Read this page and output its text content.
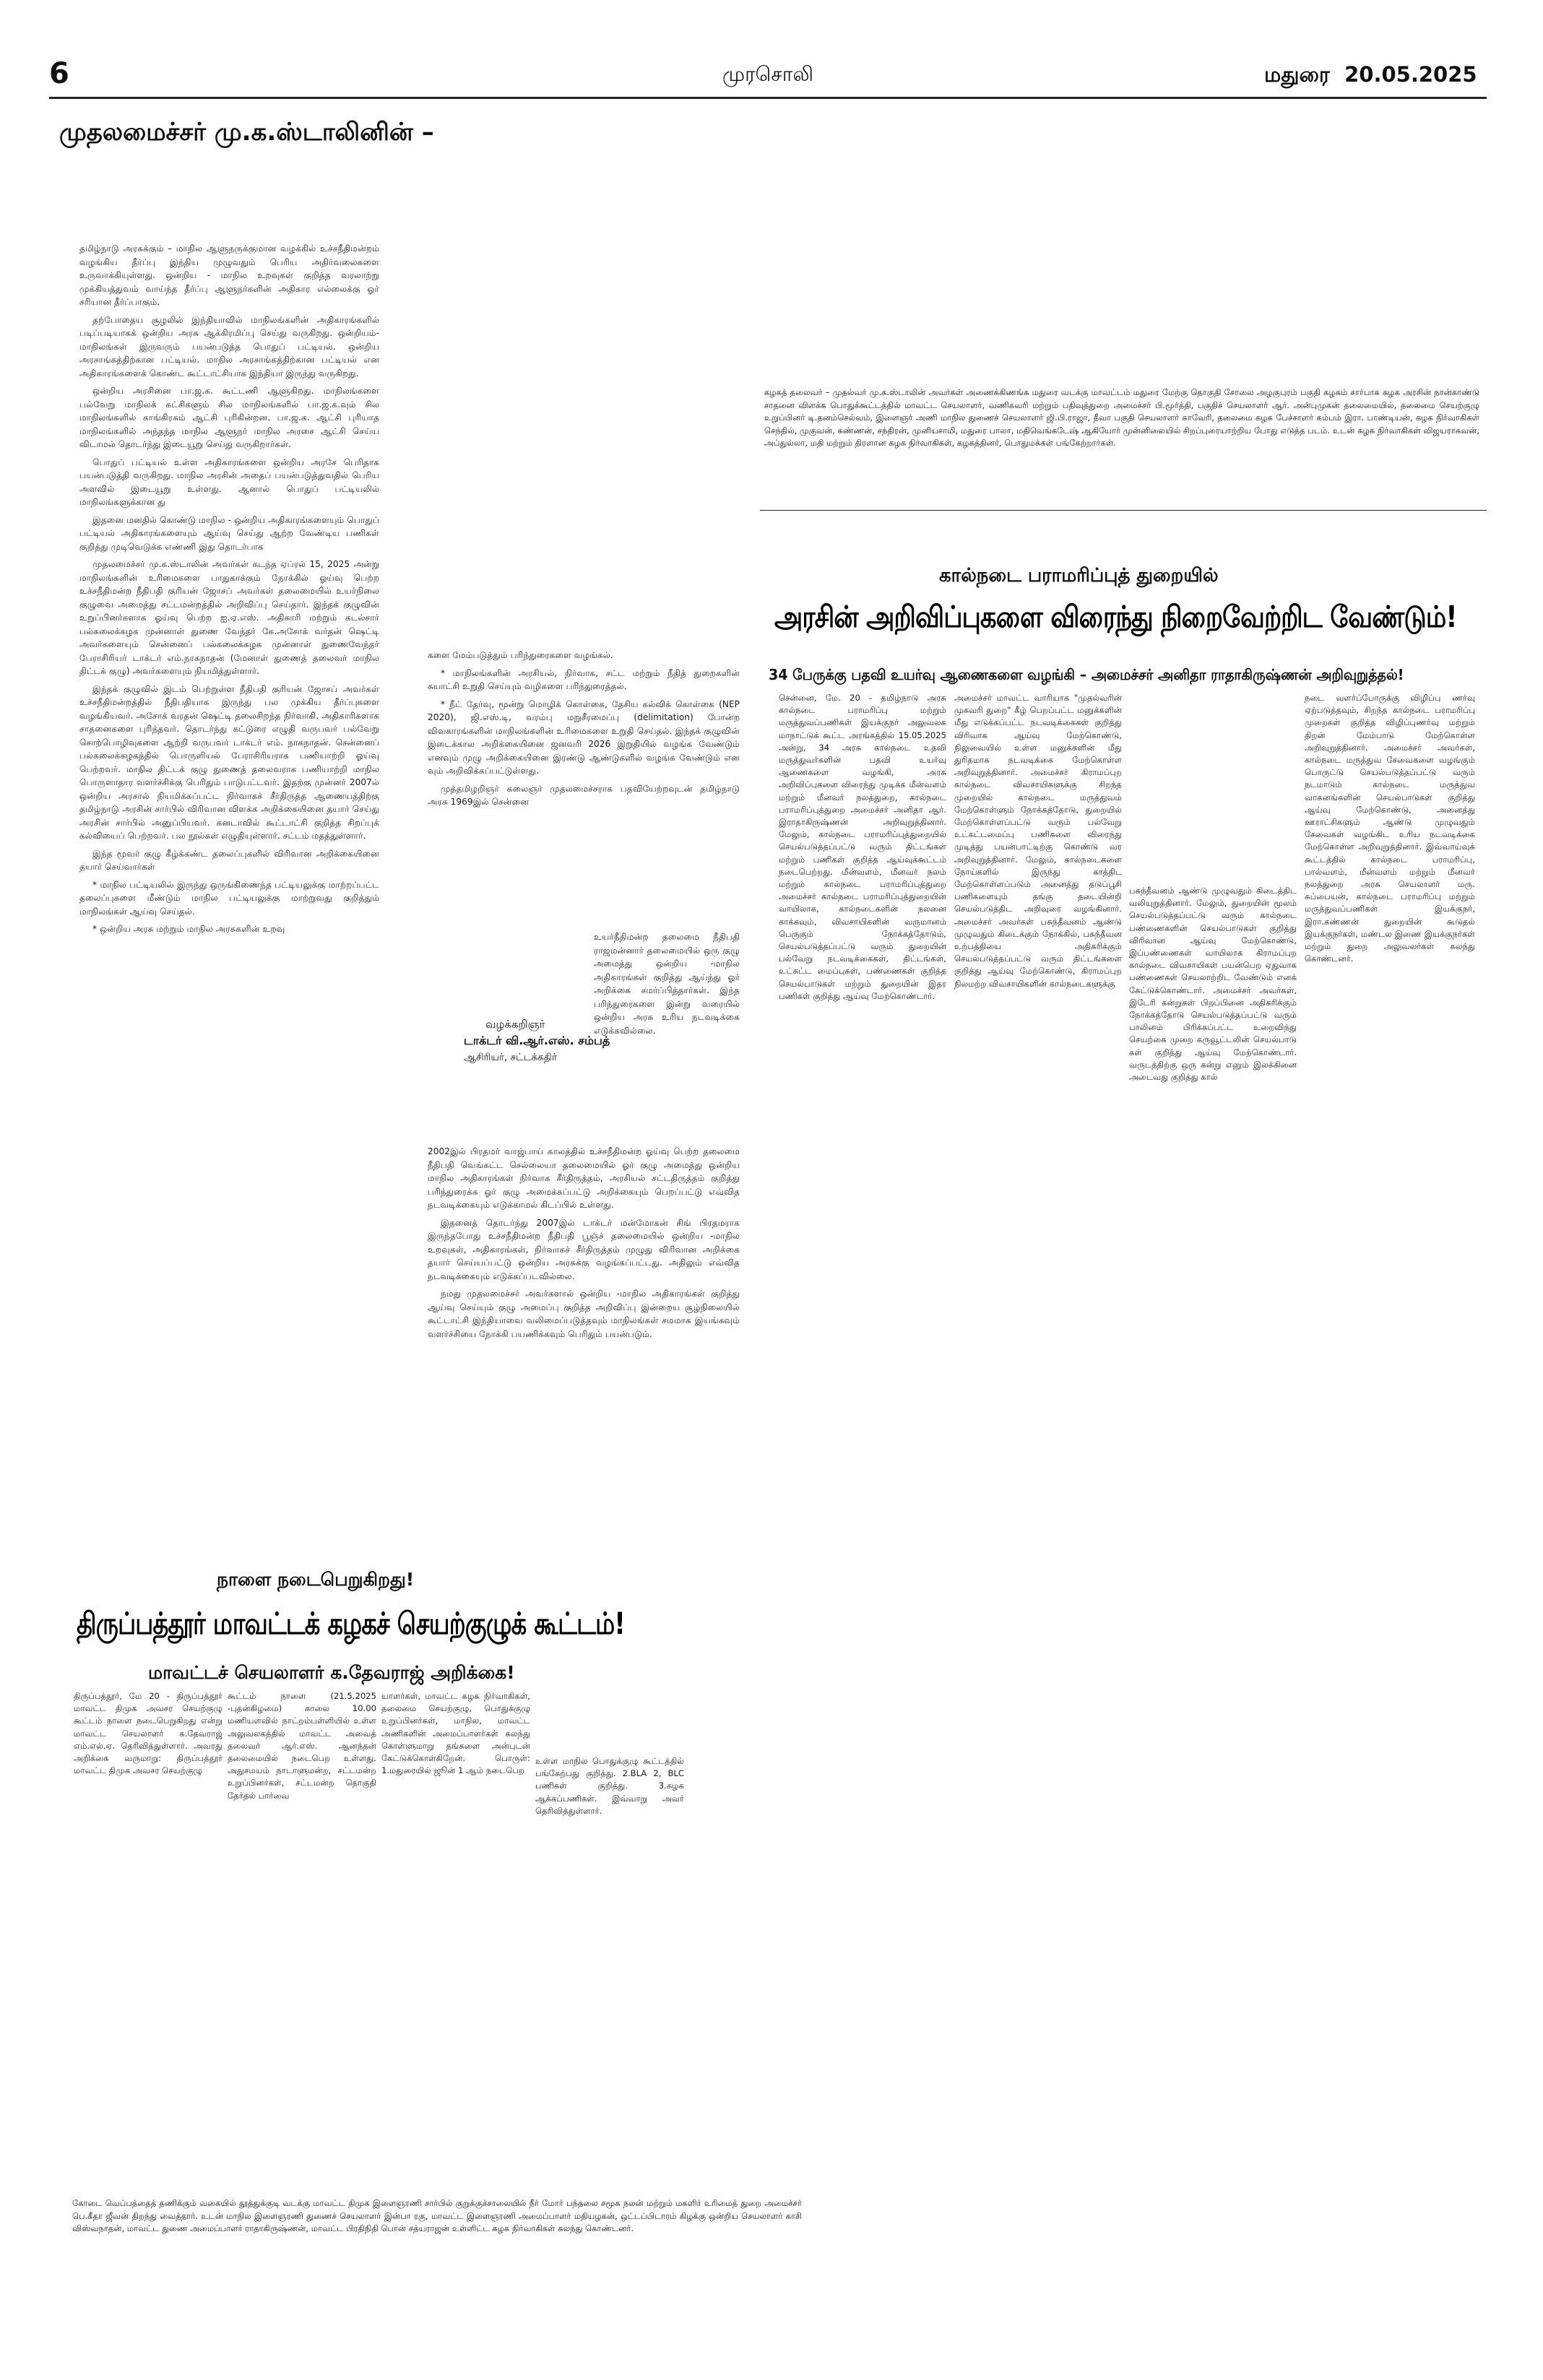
6	முரசொலி	மதுரை  20.05.2025
முதலமைச்சர் மு.க.ஸ்டாலினின் –

தமிழ்நாடு அரசுக்கும் – மாநில ஆளுநருக்குமான வழக்கில் உச்சநீதிமன்றம் வழங்கிய தீர்ப்பு இந்திய முழுவதும் பெரிய அதிர்வலைகளை உருவாக்கியுள்ளது. ஒன்றிய - மாநில உறவுகள் குறித்த வரலாற்று முக்கியத்துவம் வாய்ந்த தீர்ப்பு ஆளுநர்களின் அதிகார எல்லைக்கு ஓர் சரியான தீர்ப்பாகும்.

தற்போதைய சூழலில் இந்தியாவில் மாநிலங்களின் அதிகாரங்களில் படிப்படியாகக் ஒன்றிய அரசு ஆக்கிரமிப்பு செய்து வருகிறது. ஒன்றியம்-மாநிலங்கள் இருவரும் பயன்படுத்த பொதுப் பட்டியல். ஒன்றிய அரசாங்கத்திற்கான பட்டியல். மாநில அரசாங்கத்திற்கான பட்டியல் என அதிகாரங்களைக் கொண்ட கூட்டாட்சியாக இந்தியா இருந்து வருகிறது.

ஒன்றிய அரசினை பா.ஜ.க. கூட்டணி ஆளுகிறது. மாநிலங்களை பல்வேறு மாநிலக் கட்சிகளும் சில மாநிலங்களில் பா.ஜ.க.வும் சில மாநிலங்களில் காங்கிரசும் ஆட்சி புரிகின்றன. பா.ஜ.க. ஆட்சி புரியாத மாநிலங்களில் அந்தந்த மாநில ஆளுநர் மாநில அரசை ஆட்சி செய்ய விடாமல் தொடர்ந்து இடையூறு செய்து வருகிறார்கள்.

பொதுப் பட்டியல் உள்ள அதிகாரங்களை ஒன்றிய அரசே பெரிதாக பயன்படுத்தி வருகிறது. மாநில அரசின் அதைப் பயன்படுத்துவதில் பெரிய அளவில் இடையூறு உள்ளது. ஆனால் பொதுப் பட்டியலில் மாநிலங்களுக்கான து

இதனை மனதில் கொண்டு மாநில - ஒன்றிய அதிகாரங்களையும் பொதுப் பட்டியல் அதிகாரங்களையும் ஆய்வு செய்து ஆற்ற வேண்டிய பணிகள் குறித்து முடிவெடுக்க எண்ணி இது தொடர்பாக

முதலமைச்சர் மு.க.ஸ்டாலின் அவர்கள் கடந்த ஏப்ரல் 15, 2025 அன்று மாநிலங்களின் உரிமைகளை பாதுகாக்கும் நோக்கில் ஓய்வு பெற்ற உச்சநீதிமன்ற நீதிபதி குரியன் ஜோசப் அவர்கள் தலைமையில் உயர்நிலை குழுவை அமைத்து சட்டமன்றத்தில் அறிவிப்பு செய்தார். இந்தக் குழுவின் உறுப்பினர்களாக ஓய்வு பெற்ற ஐ.ஏ.எஸ். அதிகாரி மற்றும் கடல்சார் பல்கலைக்கழக முன்னாள் துணை வேந்தர் கே.அசோக் வர்தன் ஷெட்டி அவர்களையும் சென்னைப் பல்கலைக்கழக முன்னாள் துணைவேந்தர் பேராசிரியர் டாக்டர் எம்.நாகநாதன் (மேனாள் துணைத் தலைவர் மாநில திட்டக் குழு) அவர்களையும் நியமித்துள்ளார்.

இந்தக் குழுவில் இடம் பெற்றுள்ள நீதிபதி குரியன் ஜோசப் அவர்கள் உச்சநீதிமன்றத்தில் நீதிபதியாக இருந்து பல முக்கிய தீர்ப்புகளை வழங்கியவர். அசோக் வரதன் ஷெட்டி தலைசிறந்த நிர்வாகி. அதிகாரிகளாக சாதனைகளை புரிந்தவர். தொடர்ந்து கட்டுரை எழுதி வருபவர் பல்வேறு சொற்பொழிவுகளை ஆற்றி வருபவர் டாக்டர் எம். நாகநாதன். சென்னைப் பல்கலைக்கழகத்தில் பொருளியல் பேராசிரியராக பணியாற்றி ஓய்வு பெற்றவர். மாநில திட்டக் குழு துணைத் தலைவராக பணியாற்றி மாநில பொருளாதார வளர்ச்சிக்கு பெரிதும் பாடுபட்டவர். இதற்கு முன்னர் 2007ல் ஒன்றிய அரசால் நியமிக்கப்பட்ட நிர்வாகச் சீர்திருத்த ஆணையத்திற்கு தமிழ்நாடு அரசின் சார்பில் விரிவான விளக்க அறிக்கையினை தயார் செய்து அரசின் சார்பில் அனுப்பியவர். கனடாவில் கூட்டாட்சி குறித்த சிறப்புக் கல்வியைப் பெற்றவர். பல நூல்கள் எழுதியுள்ளார். சட்டம் மதத்துள்ளார்.

இந்த மூவர் குழு கீழ்க்கண்ட தலைப்புகளில் விரிவான அறிக்கையினை தயார் செய்வார்கள்

* மாநில பட்டியலில் இருந்து ஒருங்கிணைந்த பட்டியலுக்கு மாற்றப்பட்ட தலைப்புகளை மீண்டும் மாநில பட்டியலுக்கு மாற்றுவது குறித்தும் மாநிலங்கள் ஆய்வு செய்தல்.

* ஒன்றிய அரசு மற்றும் மாநில அரசுகளின் உறவு

களை மேம்படுத்தும் பரிந்துரைகளை வழங்கல்.

* மாநிலங்களின் அரசியல், நிர்வாக, சட்ட மற்றும் நீதித் துறைகளின் சுயாட்சி உறுதி செய்யும் வழிகளை பரிந்துரைத்தல்.

* நீட் தேர்வு, மூன்று மொழிக் கொள்கை, தேசிய கல்விக் கொள்கை (NEP 2020), ஜி.எஸ்.டி, வரம்பு மறுசீரமைப்பு (delimitation) போன்ற விவகாரங்களின் மாநிலங்களின் உரிமைகளை உறுதி செய்தல். இந்தக் குழுவின் இடைக்கால அறிக்கையினை ஜனவரி 2026 இறுதியில் வழங்க வேண்டும் எனவும் முழு அறிக்கையினை இரண்டு ஆண்டுகளில் வழங்க வேண்டும் என வும் அறிவிக்கப்பட்டுள்ளது.

முத்தமிழறிஞர் கலைஞர் முதலமைச்சராக பதவியேற்றவுடன் தமிழ்நாடு அரசு 1969இல் சென்னை

வழக்கறிஞர்
டாக்டர் வி.ஆர்.எஸ். சம்பத்
ஆசிரியர், சட்டக்கதிர்

உயர்நீதிமன்ற தலைமை நீதிபதி ராஜமன்னார் தலைமையில் ஒரு குழு அமைத்து ஒன்றிய -மாநில அதிகாரங்கள் குறித்து ஆய்ந்து ஓர் அறிக்கை சமர்ப்பித்தார்கள். இந்த பரிந்துரைகளை இன்று வரையில் ஒன்றிய அரசு உரிய நடவடிக்கை எடுக்கவில்லை.

2002இல் பிரதமர் வாஜ்பாய் காலத்தில் உச்சநீதிமன்ற ஓய்வு பெற்ற தலைமை நீதிபதி வெங்கட்ட செல்லையா தலைமையில் ஓர் குழு அமைத்து ஒன்றிய மாநில அதிகாரங்கள் நிர்வாக சீர்திருத்தம், அரசியல் சட்டதிருத்தம் குறித்து பரிந்துரைக்க ஓர் குழு அமைக்கப்பட்டு அறிக்கையும் பெறப்பட்டு எவ்வித நடவடிக்கையும் எடுக்காமல் கிடப்பில் உள்ளது.

இதனைத் தொடர்ந்து 2007இல் டாக்டர் மன்மோகன் சிங் பிரதமராக இருந்தபோது உச்சநீதிமன்ற நீதிபதி பூஞ்ச் தலைமையில் ஒன்றிய -மாநில உறவுகள், அதிகாரங்கள், நிர்வாகச் சீர்திருத்தம் முழுது விரிவான அறிக்கை தயார் செய்யப்பட்டு ஒன்றிய அரசுக்கு வழங்கப்பட்டது. அதிலும் எவ்வித நடவடிக்கையும் எடுக்கப்படவில்லை.

நமது முதலமைச்சர் அவர்களால் ஒன்றிய -மாநில அதிகாரங்கள் குறித்து ஆய்வு செய்யும் குழு அமைப்பு குறித்த அறிவிப்பு இன்றைய சூழ்நிலையில் கூட்டாட்சி இந்தியாவை வலிமைப்படுத்தவும் மாநிலங்கள் சமமாக இயங்கவும் வளர்ச்சியை நோக்கி பயணிக்கவும் பெரிதும் பயன்படும்.

கழகத் தலைவர் – முதல்வர் மு.க.ஸ்டாலின் அவர்கள் அணைக்கிணங்க மதுரை வடக்கு மாவட்டம் மதுரை மேற்கு தொகுதி சோலை அழகுபுரம் பகுதி கழகம் சார்பாக கழக அரசின் நான்காண்டு சாதனை விளக்க பொதுக்கூட்டத்தில் மாவட்ட செயலாளர், வணிகவரி மற்றும் பதிவுத்துறை அமைச்சர் பி.மூர்த்தி, பகுதிச் செயலாளர் ஆர். அன்புமுகன் தலைமையில், தலைமை செயற்குழு உறுப்பினர் டி.தனம்செல்வம், இளைஞர் அணி மாநில துணைச் செயலாளர் ஜி.பி.ராஜா, தீவா பகுதி செயலாளர் காவேரி, தலைமை கழக பேச்சாளர் கம்பம் இரா. பாண்டியன், கழக நிர்வாகிகள் செந்தில், முகுவன், கண்ணன், சந்திரன், முனியசாமி, மதுரை பாலா, மதிவெங்கடேஷ் ஆகியோர் முன்னிலையில் சிறப்புரையாற்றிய போது எடுத்த படம். உடன் கழக நிர்வாகிகள் விஜயராகவன், அப்துல்லா, மதி மற்றும் திரளான கழக நிர்வாகிகள், கழகத்தினர், பொதுமக்கள் பங்கேற்றார்கள்.
கால்நடை பராமரிப்புத் துறையில்
அரசின் அறிவிப்புகளை விரைந்து நிறைவேற்றிட வேண்டும்!
34 பேருக்கு பதவி உயர்வு ஆணைகளை வழங்கி – அமைச்சர் அனிதா ராதாகிருஷ்ணன் அறிவுறுத்தல்!
சென்னை, மே. 20 - தமிழ்நாடு அரசு கால்நடை பராமரிப்பு மற்றும் மருத்துவப்பணிகள் இயக்குநர் அலுவலக மாநாட்டுக் கூட்ட அரங்கத்தில் 15.05.2025 அன்று, 34 அரசு கால்நடை உதவி மருத்துவர்களின் பதவி உயர்வு ஆணைகளை வழங்கி, அரசு அறிவிப்புகளை விரைந்து முடிக்க மீன்வளம் மற்றும் மீனவர் நலத்துறை, கால்நடை பராமரிப்புத்துறை அமைச்சர் அனிதா ஆர். இராதாகிருஷ்ணன் அறிவுறுத்தினார். மேலும், கால்நடை பராமரிப்புத்துறையில் செயல்படுத்தப்பட்டு வரும் திட்டங்கள் மற்றும் பணிகள் குறித்த ஆய்வுக்கூட்டம் நடைபெற்றது. மீன்வளம், மீனவர் நலம் மற்றும் கால்நடை பராமரிப்புத்துறை அமைச்சர் கால்நடை பராமரிப்புத்துறையின் வாயிலாக, கால்நடைகளின் நலனை காக்கவும், விவசாயிகளின் வருமானம் பெருகும் நோக்கத்தோடும், செயல்படுத்தப்பட்டு வரும் துறையின் பல்வேறு நடவடிக்கைகள், திட்டங்கள், உட்கட்ட மைப்புகள், பண்ணைகள் குறித்த செயல்பாடுகள் மற்றும் துறையின் இதர பணிகள் குறித்து ஆய்வு மேற்கொண்டார்.
அமைச்சர் மாவட்ட வாரியாக "முதல்வரின் முகவரி துறை" கீழ் பெறப்பட்ட மனுக்களின் மீது எடுக்கப்பட்ட நடவடிக்கைகள் குறித்து விரிவாக ஆய்வு மேற்கொண்டு, நிலுவையில் உள்ள மனுக்களின் மீது துரிதமாக நடவடிக்கை மேற்கொள்ள அறிவுறுத்தினார். அமைச்சர் கிராமப்புற கால்நடை விவசாயிகளுக்கு சிறந்த முறையில் கால்நடை மருத்துவம் மேற்கொள்ளும் நோக்கத்தோடு, துறையில் மேற்கொள்ளப்பட்டு வரும் பல்வேறு உட்கட்டமைப்பு பணிகளை விரைந்து முடித்து பயன்பாட்டிற்கு கொண்டு வர அறிவுறுத்தினார். மேலும், கால்நடைகளை நோய்களில் இருந்து காத்திட மேற்கொள்ளப்படும் அனைத்து தடுப்பூசி பணிகளையும் தங்கு தடையின்றி செயல்படுத்திட அறிவுரை வழங்கினார். அமைச்சர் அவர்கள் பசுந்தீவனம் ஆண்டு முழுவதும் கிடைக்கும் நோக்கில், பசுந்தீவன உற்பத்தியை அதிகரிக்கும் செயல்படுத்தப்பட்டு வரும் திட்டங்களை குறித்து ஆய்வு மேற்கொண்டு, கிராமப்புற நிலமற்ற விவசாயிகளின் கால்நடைகளுக்கு
பசுந்தீவனம் ஆண்டு முழுவதும் கிடைத்திட வலியுறுத்தினார். மேலும், துறையின் மூலம் செயல்படுத்தப்பட்டு வரும் கால்நடை பண்ணைகளின் செயல்பாடுகள் குறித்து விரிவான ஆய்வு மேற்கொண்டு, இப்பண்ணைகள் வாயிலாக கிராமப்புற கால்நடை விவசாயிகள் பயன்பெற ஏதுவாக பண்ணைகள் செயலாற்றிட வேண்டும் எனக் கேட்டுக்கொண்டார். அமைச்சர் அவர்கள், இடேரி கன்றுகள் பிறப்பினை அதிகரிக்கும் நோக்கத்தோடு செயல்படுத்தப்பட்டு வரும் பாலினம் பிரிக்கப்பட்ட உறைவிந்து செயற்கை முறை கருவூட்டலின் செயல்பாடு கள் குறித்து ஆய்வு மேற்கொண்டார். வருடத்திற்கு ஒரு கன்று எனும் இலக்கினை அடைவது குறித்து கால்
நடை வளர்ப்போருக்கு விழிப்பு ணர்வு ஏற்படுத்தவும், சிறந்த கால்நடை பராமரிப்பு முறைகள் குறித்த விழிப்புணர்வு மற்றும் திறன் மேம்பாடு மேற்கொள்ள அறிவுறுத்தினார். அமைச்சர் அவர்கள், கால்நடை மருத்துவ சேவைகளை வழங்கும் பொருட்டு செயல்படுத்தப்பட்டு வரும் நடமாடும் கால்நடை மருத்துவ வாகனங்களின் செயல்பாடுகள் குறித்து ஆய்வு மேற்கொண்டு, அனைத்து ஊராட்சிகளும் ஆண்டு முழுவதும் சேவைகள் வழங்கிட உரிய நடவடிக்கை மேற்கொள்ள அறிவுறுத்தினார். இவ்வாய்வுக் கூட்டத்தில் கால்நடை பராமரிப்பு, பால்வளம், மீன்வளம் மற்றும் மீனவர் நலத்துறை அரசு செயலாளர் மரு. சுப்பையன், கால்நடை பராமரிப்பு மற்றும் மருத்துவப்பணிகள் இயக்குநர், இரா.கண்ணன் துறையின் கூடுதல் இயக்குநர்கள், மண்டல இணை இயக்குநர்கள் மற்றும் துறை அலுவலர்கள் கலந்து கொண்டனர்.
நாளை நடைபெறுகிறது!
திருப்பத்தூர் மாவட்டக் கழகச் செயற்குழுக் கூட்டம்!
மாவட்டச் செயலாளர் க.தேவராஜ் அறிக்கை!
திருப்பத்தூர், மே 20 - திருப்பத்தூர் மாவட்ட திமுக அவசர செயற்குழு கூட்டம் நாளை நடைபெறுகிறது என்று மாவட்ட செயலாளர் க.தேவராஜ் எம்.எல்.ஏ. தெரிவித்துள்ளார். அவரது அறிக்கை வருமாறு: திருப்பத்தூர் மாவட்ட திமுக அவசர செயற்குழு
கூட்டம் நாளை (21.5.2025 -புதன்கிழமை) காலை 10.00 மணியளவில் நாட்றம்பள்ளியில் உள்ள அலுவலகத்தில் மாவட்ட அவைத் தலைவர் ஆர்.எஸ். ஆனந்தன் தலைமையில் நடைபெற உள்ளது. அதுசமயம் நாடாளுமன்ற, சட்டமன்ற உறுப்பினர்கள், சட்டமன்ற தொகுதி தேர்தல் பார்வை
யாளர்கள், மாவட்ட கழக நிர்வாகிகள், தலைமை செயற்குழு, பொதுக்குழு உறுப்பினர்கள், மாநில, மாவட்ட அணிகளின் அமைப்பாளர்கள் கலந்து கொள்ளுமாறு தங்களை அன்புடன் கேட்டுக்கொள்கிறேன். பொருள்: 1.மதுரையில் ஜூன் 1 ஆம் நடைபெற
உள்ள மாநில பொதுக்குழு கூட்டத்தில் பங்கேற்பது குறித்து. 2.BLA 2, BLC பணிகள் குறித்து. 3.கழக ஆக்கப்பணிகள். இவ்வாறு அவர் தெரிவித்துள்ளார்.
கோடை வெப்பத்தைத் தணிக்கும் வகையில் தூத்துக்குடி வடக்கு மாவட்ட திமுக இளைஞரணி சார்பில் குறுக்குச்சாலையில் நீர் மோர் பந்தலை சமூக நலன் மற்றும் மகளிர் உரிமைத் துறை அமைச்சர் பெ.கீதா ஜீவன் திறந்து வைத்தார். உடன் மாநில இளைஞரணி துணைச் செயலாளர் இன்பா ரகு, மாவட்ட இளைஞரணி அமைப்பாளர் மதியழகன், ஒட்டப்பிடாரம் கிழக்கு ஒன்றிய செயலாளர் காசி விஸ்வநாதன், மாவட்ட துணை அமைப்பாளர் ராதாகிருஷ்ணன், மாவட்ட பிரதிநிதி பொன் சத்யராஜன் உள்ளிட்ட கழக நிர்வாகிகள் கலந்து கொண்டனர்.
